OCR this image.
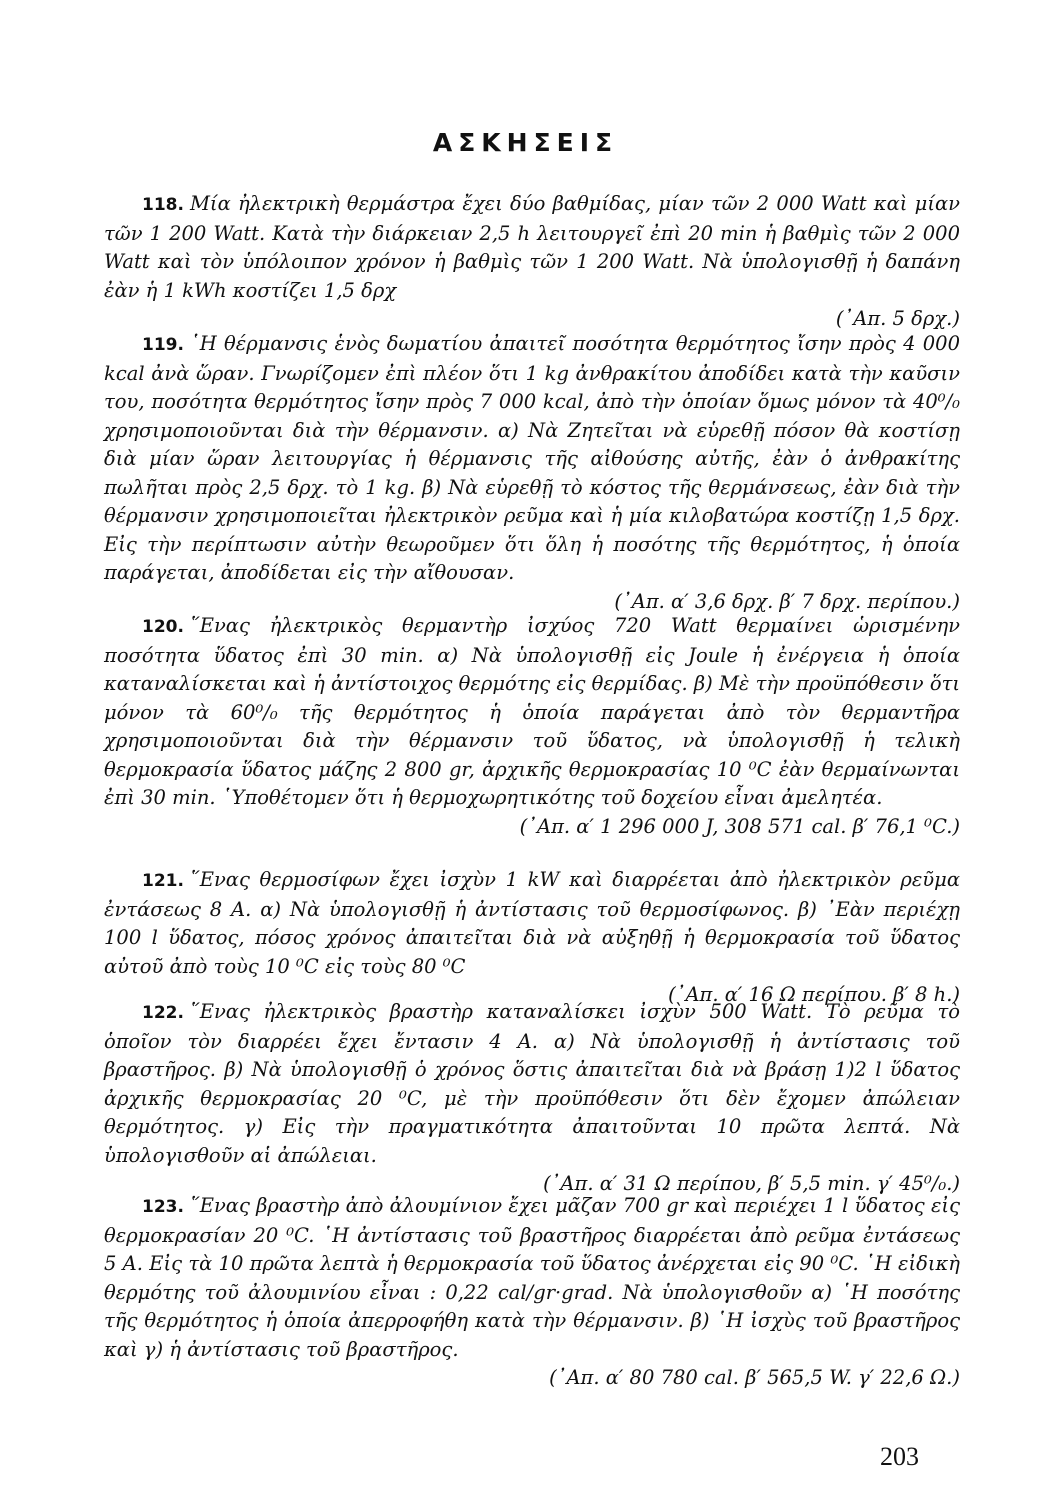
ΑΣΚΗΣΕΙΣ
118. Μία ἠλεκτρικὴ θερμάστρα ἔχει δύο βαθμίδας, μίαν τῶν 2 000 Watt καὶ μίαν τῶν 1 200 Watt. Κατὰ τὴν διάρκειαν 2,5 h λειτουργεῖ ἐπὶ 20 min ἡ βαθμὶς τῶν 2 000 Watt καὶ τὸν ὑπόλοιπον χρόνον ἡ βαθμὶς τῶν 1 200 Watt. Νὰ ὑπολογισθῇ ἡ δαπάνη ἐὰν ἡ 1 kWh κοστίζει 1,5 δρχ
(᾿Απ. 5 δρχ.)
119. ῾Η θέρμανσις ἑνὸς δωματίου ἀπαιτεῖ ποσότητα θερμότητος ἴσην πρὸς 4 000 kcal ἀνὰ ὥραν. Γνωρίζομεν ἐπὶ πλέον ὅτι 1 kg ἀνθρακίτου ἀποδίδει κατὰ τὴν καῦσιν του, ποσότητα θερμότητος ἴσην πρὸς 7 000 kcal, ἀπὸ τὴν ὁποίαν ὅμως μόνον τὰ 40⁰/₀ χρησιμοποιοῦνται διὰ τὴν θέρμανσιν. α) Νὰ Ζητεῖται νὰ εὑρεθῇ πόσον θὰ κοστίσῃ διὰ μίαν ὥραν λειτουργίας ἡ θέρμανσις τῆς αἰθούσης αὐτῆς, ἐὰν ὁ ἀνθρακίτης πωλῆται πρὸς 2,5 δρχ. τὸ 1 kg. β) Νὰ εὑρεθῇ τὸ κόστος τῆς θερμάνσεως, ἐὰν διὰ τὴν θέρμανσιν χρησιμοποιεῖται ἠλεκτρικὸν ρεῦμα καὶ ἡ μία κιλοβατώρα κοστίζῃ 1,5 δρχ. Εἰς τὴν περίπτωσιν αὐτὴν θεωροῦμεν ὅτι ὅλη ἡ ποσότης τῆς θερμότητος, ἡ ὁποία παράγεται, ἀποδίδεται εἰς τὴν αἴθουσαν.
(᾿Απ. α′ 3,6 δρχ. β′ 7 δρχ. περίπου.)
120. ῞Ενας ἠλεκτρικὸς θερμαντὴρ ἰσχύος 720 Watt θερμαίνει ὡρισμένην ποσότητα ὕδατος ἐπὶ 30 min. α) Νὰ ὑπολογισθῇ εἰς Joule ἡ ἐνέργεια ἡ ὁποία καταναλίσκεται καὶ ἡ ἀντίστοιχος θερμότης εἰς θερμίδας. β) Μὲ τὴν προϋπόθεσιν ὅτι μόνον τὰ 60⁰/₀ τῆς θερμότητος ἡ ὁποία παράγεται ἀπὸ τὸν θερμαντῆρα χρησιμοποιοῦνται διὰ τὴν θέρμανσιν τοῦ ὕδατος, νὰ ὑπολογισθῇ ἡ τελικὴ θερμοκρασία ὕδατος μάζης 2 800 gr, ἀρχικῆς θερμοκρασίας 10 ⁰C ἐὰν θερμαίνωνται ἐπὶ 30 min. ῾Υποθέτομεν ὅτι ἡ θερμοχωρητικότης τοῦ δοχείου εἶναι ἀμελητέα.
(᾿Απ. α′ 1 296 000 J, 308 571 cal. β′ 76,1 ⁰C.)
121. ῞Ενας θερμοσίφων ἔχει ἰσχὺν 1 kW καὶ διαρρέεται ἀπὸ ἠλεκτρικὸν ρεῦμα ἐντάσεως 8 A. α) Νὰ ὑπολογισθῇ ἡ ἀντίστασις τοῦ θερμοσίφωνος. β) ᾿Εὰν περιέχῃ 100 l ὕδατος, πόσος χρόνος ἀπαιτεῖται διὰ νὰ αὐξηθῇ ἡ θερμοκρασία τοῦ ὕδατος αὐτοῦ ἀπὸ τοὺς 10 ⁰C εἰς τοὺς 80 ⁰C
(᾿Απ. α′ 16 Ω περίπου. β′ 8 h.)
122. ῞Ενας ἠλεκτρικὸς βραστὴρ καταναλίσκει ἰσχὺν 500 Watt. Τὸ ρεῦμα τὸ ὁποῖον τὸν διαρρέει ἔχει ἔντασιν 4 A. α) Νὰ ὑπολογισθῇ ἡ ἀντίστασις τοῦ βραστῆρος. β) Νὰ ὑπολογισθῇ ὁ χρόνος ὅστις ἀπαιτεῖται διὰ νὰ βράσῃ 1)2 l ὕδατος ἀρχικῆς θερμοκρασίας 20 ⁰C, μὲ τὴν προϋπόθεσιν ὅτι δὲν ἔχομεν ἀπώλειαν θερμότητος. γ) Εἰς τὴν πραγματικότητα ἀπαιτοῦνται 10 πρῶτα λεπτά. Νὰ ὑπολογισθοῦν αἱ ἀπώλειαι.
(᾿Απ. α′ 31 Ω περίπου, β′ 5,5 min. γ′ 45⁰/₀.)
123. ῞Ενας βραστὴρ ἀπὸ ἀλουμίνιον ἔχει μᾶζαν 700 gr καὶ περιέχει 1 l ὕδατος εἰς θερμοκρασίαν 20 ⁰C. ῾Η ἀντίστασις τοῦ βραστῆρος διαρρέεται ἀπὸ ρεῦμα ἐντάσεως 5 A. Εἰς τὰ 10 πρῶτα λεπτὰ ἡ θερμοκρασία τοῦ ὕδατος ἀνέρχεται εἰς 90 ⁰C. ῾Η εἰδικὴ θερμότης τοῦ ἀλουμινίου εἶναι : 0,22 cal/gr·grad. Νὰ ὑπολογισθοῦν α) ῾Η ποσότης τῆς θερμότητος ἡ ὁποία ἀπερροφήθη κατὰ τὴν θέρμανσιν. β) ῾Η ἰσχὺς τοῦ βραστῆρος καὶ γ) ἡ ἀντίστασις τοῦ βραστῆρος.
(᾿Απ. α′ 80 780 cal. β′ 565,5 W. γ′ 22,6 Ω.)
203
